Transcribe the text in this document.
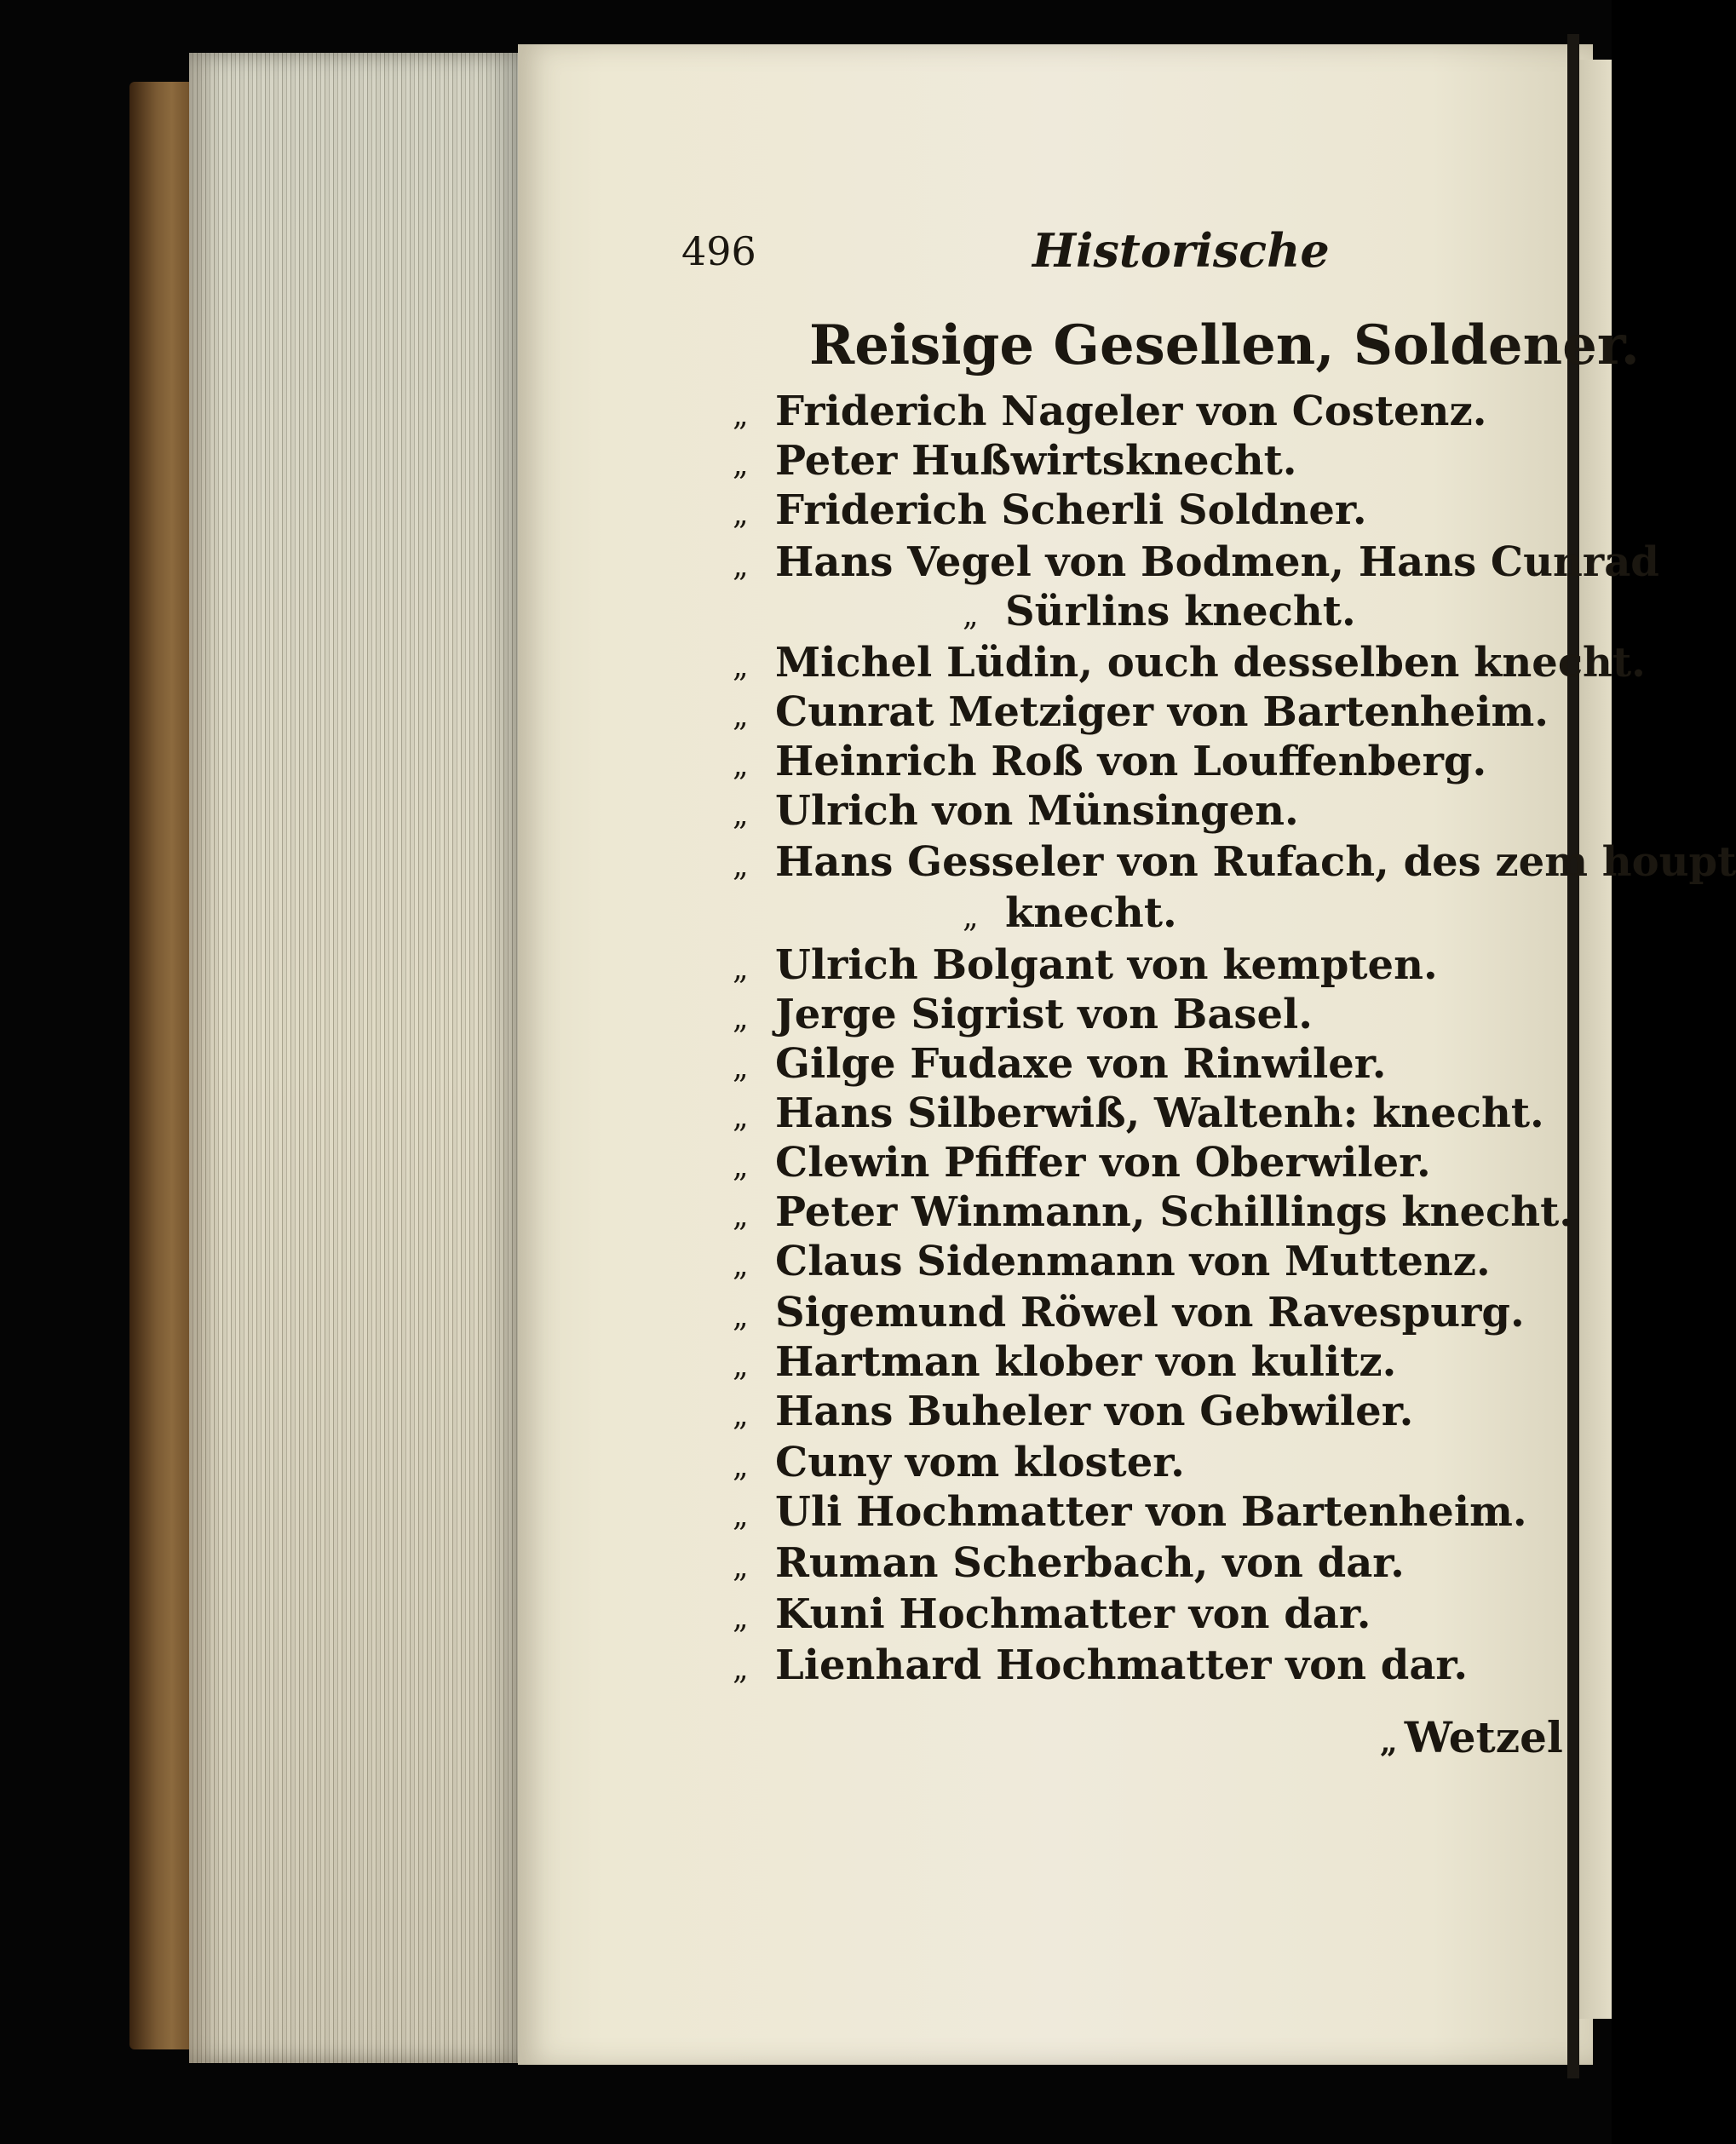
496	Historische
Reisige Gesellen, Soldener.
„ Friderich Nageler von Costenz.
„ Peter Hußwirtsknecht.
„ Friderich Scherli Soldner.
„ Hans Vegel von Bodmen, Hans Cunrad
„ Sürlins knecht.
„ Michel Lüdin, ouch desselben knecht.
„ Cunrat Metziger von Bartenheim.
„ Heinrich Roß von Louffenberg.
„ Ulrich von Münsingen.
„ Hans Gesseler von Rufach, des zem houpt
„ knecht.
„ Ulrich Bolgant von kempten.
„ Jerge Sigrist von Basel.
„ Gilge Fudaxe von Rinwiler.
„ Hans Silberwiß, Waltenh: knecht.
„ Clewin Pfiffer von Oberwiler.
„ Peter Winmann, Schillings knecht.
„ Claus Sidenmann von Muttenz.
„ Sigemund Röwel von Ravespurg.
„ Hartman klober von kulitz.
„ Hans Buheler von Gebwiler.
„ Cuny vom kloster.
„ Uli Hochmatter von Bartenheim.
„ Ruman Scherbach, von dar.
„ Kuni Hochmatter von dar.
„ Lienhard Hochmatter von dar.
„ Wetzel
